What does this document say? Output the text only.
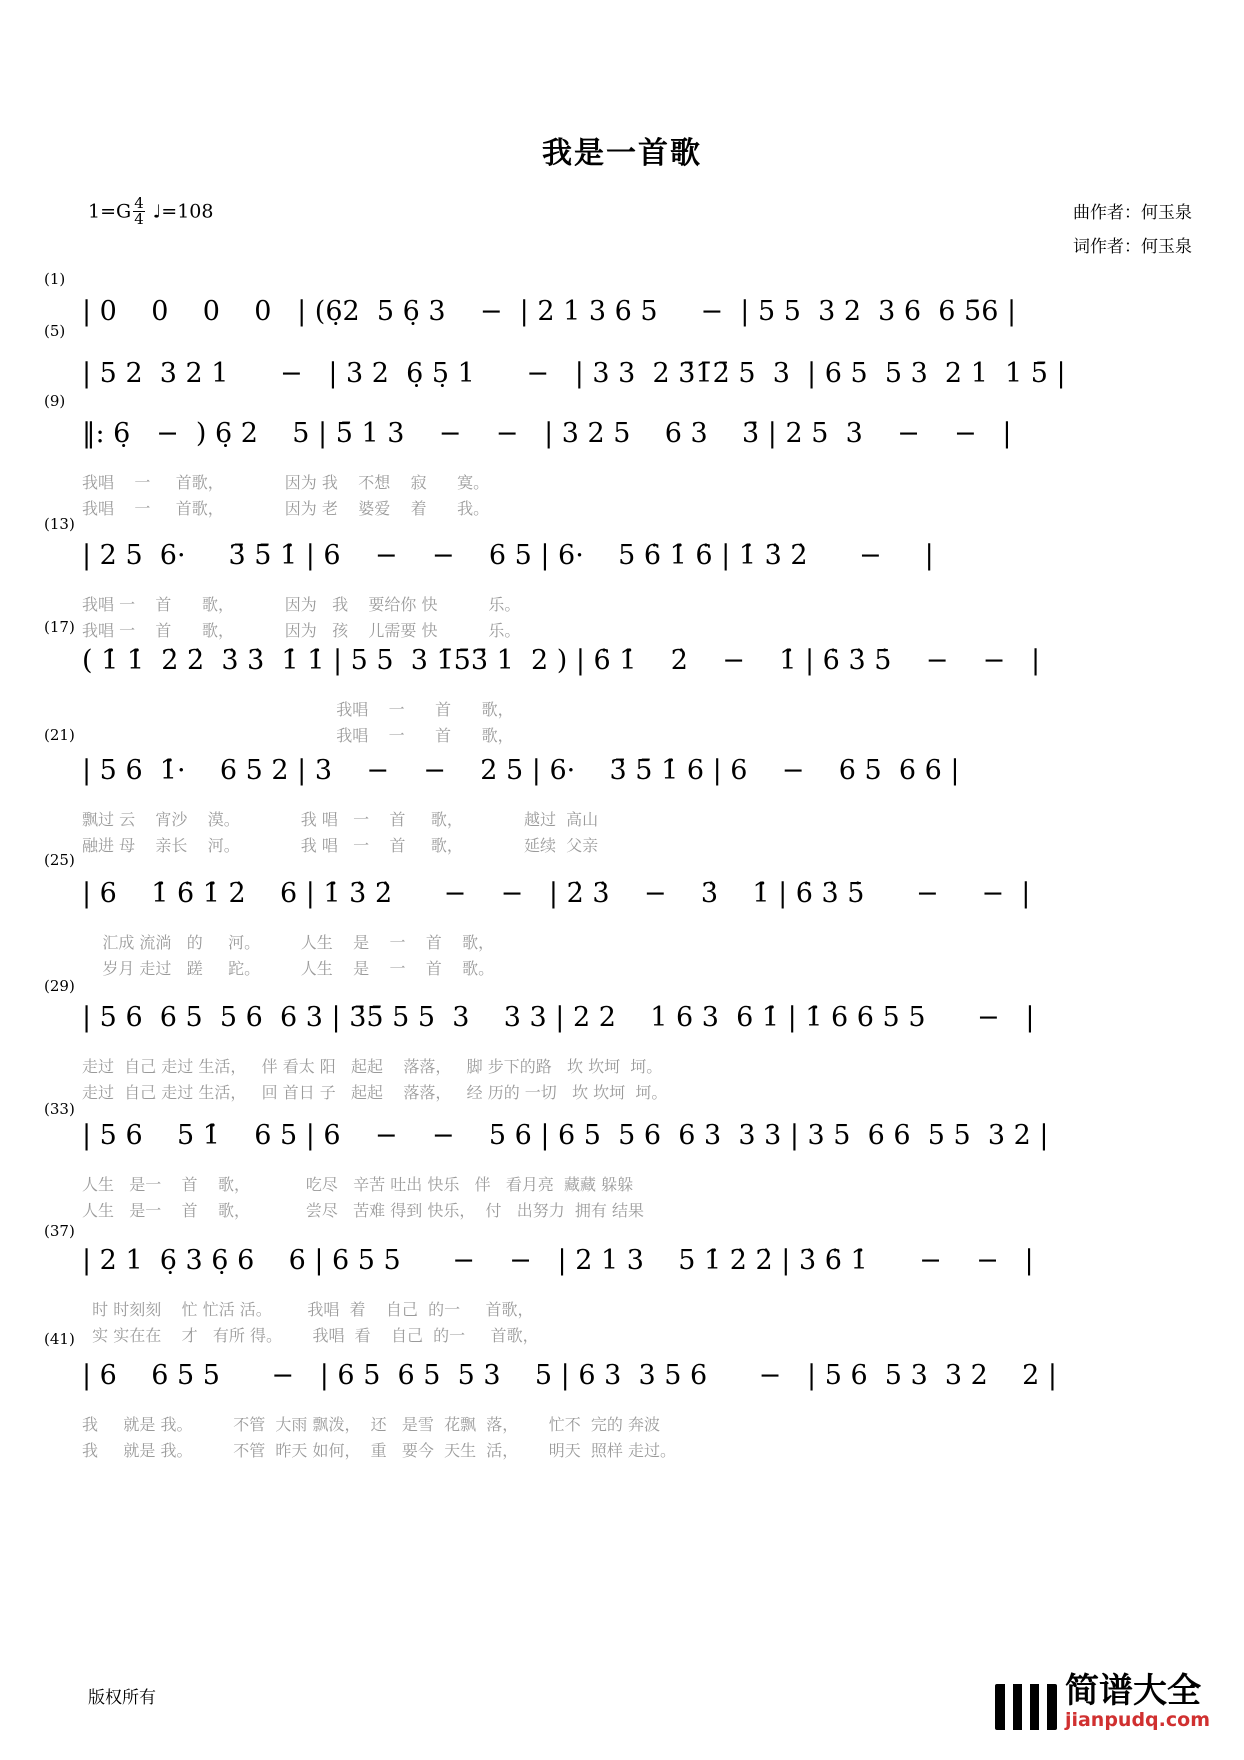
我是一首歌
$1=G \frac{4}{4}$ ♩=108	曲作者：何玉泉
词作者：何玉泉
(1)
(5)
(9)
(13)
(17)
(21)
(25)
(29)
(33)
(37)
(41)
| 0    0    0    0   | (6̣2  5 6̣ 3    −  | 2 1 3 6 5     −  | 5 5  3 2  3 6  6 5̄6 |
| 5 2  3 2 1      −   | 3 2  6̣ 5̣ 1      −   | 3 3  2 3̄1̄2̄ 5  3  | 6 5  5 3  2 1  1 5̄ |
‖: 6̣   −  ) 6̣ 2    5 | 5̄ 1 3    −    −   | 3 2 5    6 3    3̄ | 2 5  3    −    −   |
我唱    一     首歌，            因为 我    不想    寂      寞。
我唱    一     首歌，            因为 老    婆爱    着      我。
| 2 5  6·     3̄ 5̄ 1̇ | 6    −    −    6 5 | 6·    5 6̇ 1̇ 6̇ | 1̇ 3̇ 2̇      −     |
我唱 一    首      歌，          因为   我    要给你 快          乐。
我唱 一    首      歌，          因为   孩    儿需要 快          乐。
( 1̇ 1̇  2̇ 2̇  3̇ 3̇  1̇ 1̇ | 5 5  3 1̄5̄3̄ 1  2 ) | 6̇ 1̇    2̇    −    1̇ | 6̇ 3̇ 5̇    −    −   |
我唱    一      首      歌，
我唱    一      首      歌，
| 5 6  1̇·    6 5 2 | 3    −    −    2 5 | 6·    3̄ 5̄ 1̇ 6 | 6    −    6 5  6 6 |
飘过 云    宵沙    漠。            我 唱   一    首     歌，            越过  高山
融进 母    亲长    河。            我 唱   一    首     歌，            延续  父亲
| 6    1̇ 6̇ 1̇ 2̇    6 | 1̇ 3̇ 2̇      −    −   | 2̇ 3̇    −    3̇    1̇ | 6̇ 3̇ 5̇      −     −  |
汇成 流淌   的     河。        人生    是    一    首    歌，
岁月 走过   蹉     跎。        人生    是    一    首    歌。
| 5 6  6 5  5 6  6 3 | 3̄5̄ 5 5  3    3 3 | 2 2    1 6 3  6 1̇ | 1̇ 6 6 5 5      −   |
走过  自己 走过 生活，   伴 看太 阳   起起    落落，   脚 步下的路   坎 坎坷  坷。
走过  自己 走过 生活，   回 首日 子   起起    落落，   经 历的 一切   坎 坎坷  坷。
| 5 6    5 1̇    6 5 | 6    −    −    5 6 | 6 5  5 6  6 3  3 3 | 3 5  6 6  5 5  3 2 |
人生   是一    首    歌，           吃尽   辛苦 吐出 快乐   伴   看月亮  藏藏 躲躲
人生   是一    首    歌，           尝尽   苦难 得到 快乐，  付   出努力  拥有 结果
| 2 1  6̣ 3 6̣ 6    6 | 6 5 5      −    −   | 2 1 3    5 1̇ 2̇ 2̇ | 3̇ 6̇ 1̇      −    −   |
时 时刻刻    忙 忙活 活。       我唱  着    自己  的一     首歌，
实 实在在    才   有所 得。      我唱  看    自己  的一     首歌，
| 6    6 5 5      −   | 6 5  6 5  5 3    5 | 6 3  3 5 6      −   | 5 6  5 3  3 2    2 |
我     就是 我。        不管  大雨 飘泼，  还   是雪  花飘  落，      忙不  完的 奔波
我     就是 我。        不管  昨天 如何，  重   要今  天生  活，      明天  照样 走过。
版权所有	简谱大全
jianpudq.com
